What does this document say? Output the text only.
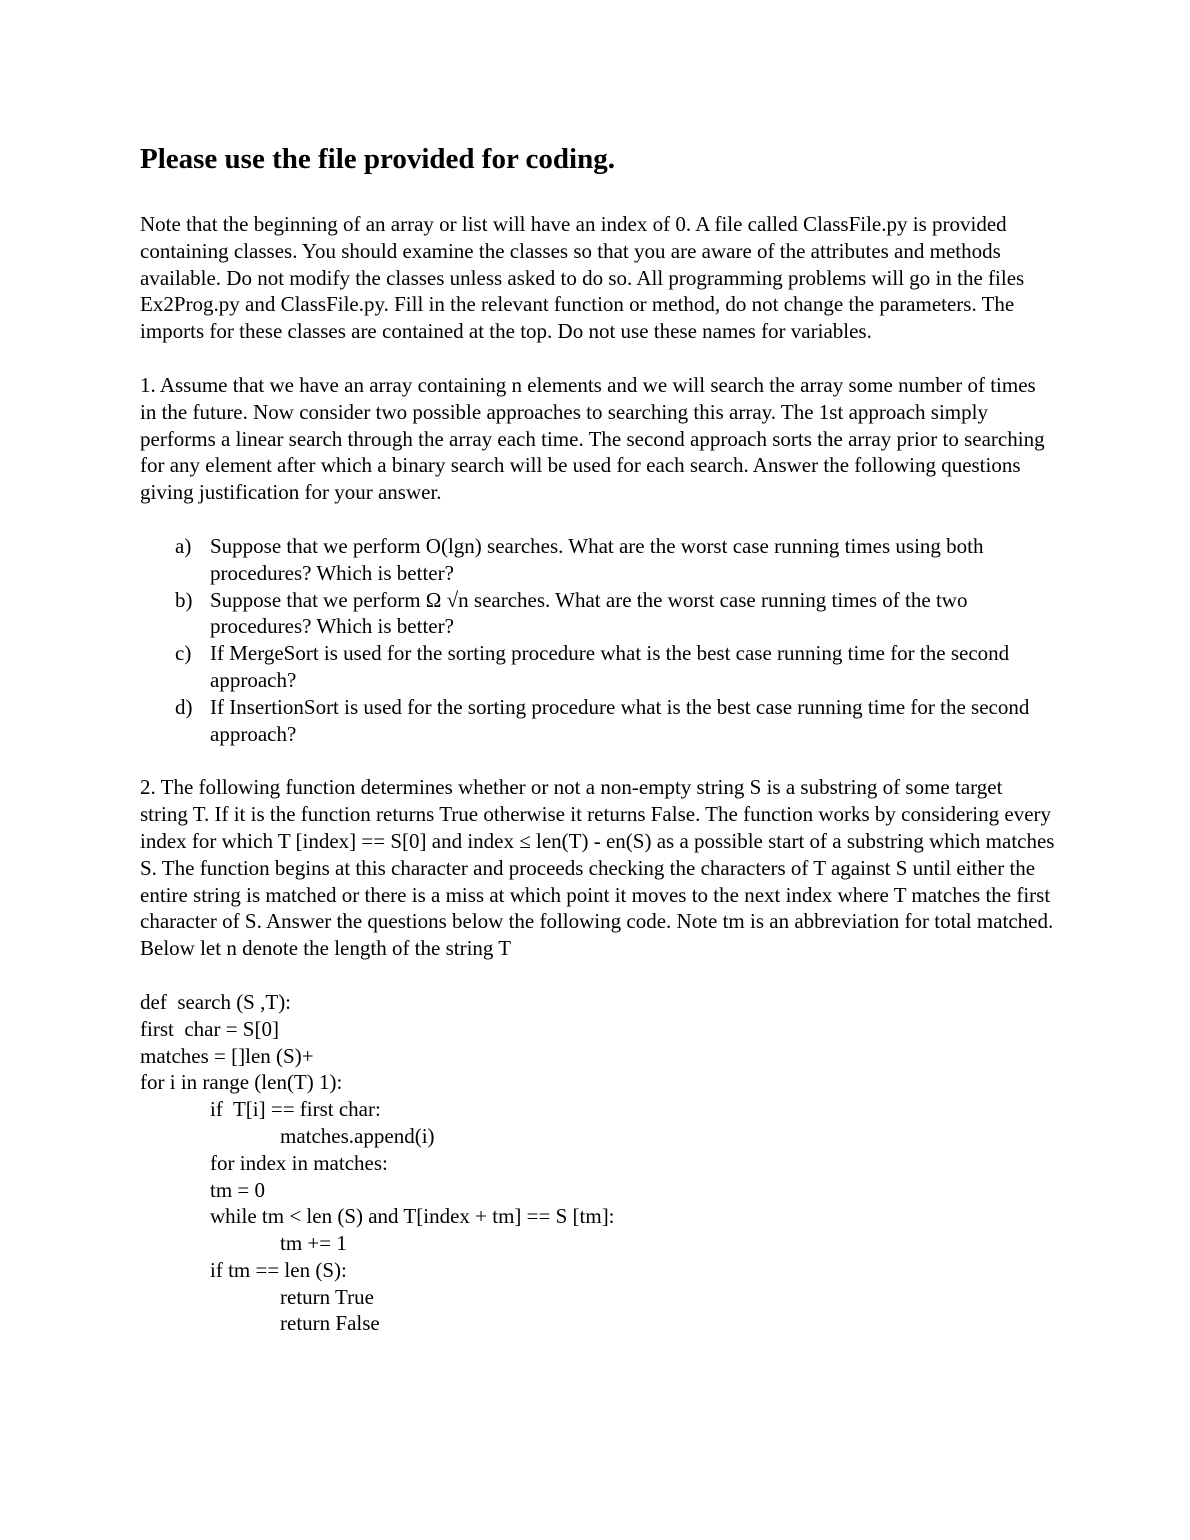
Please use the file provided for coding.

Note that the beginning of an array or list will have an index of 0. A file called ClassFile.py is provided containing classes. You should examine the classes so that you are aware of the attributes and methods available. Do not modify the classes unless asked to do so. All programming problems will go in the files Ex2Prog.py and ClassFile.py. Fill in the relevant function or method, do not change the parameters. The imports for these classes are contained at the top. Do not use these names for variables.

1. Assume that we have an array containing n elements and we will search the array some number of times in the future. Now consider two possible approaches to searching this array. The 1st approach simply performs a linear search through the array each time. The second approach sorts the array prior to searching for any element after which a binary search will be used for each search. Answer the following questions giving justification for your answer.

a) Suppose that we perform O(lgn) searches. What are the worst case running times using both procedures? Which is better?
b) Suppose that we perform Ω √n searches. What are the worst case running times of the two procedures? Which is better?
c) If MergeSort is used for the sorting procedure what is the best case running time for the second approach?
d) If InsertionSort is used for the sorting procedure what is the best case running time for the second approach?

2. The following function determines whether or not a non-empty string S is a substring of some target string T. If it is the function returns True otherwise it returns False. The function works by considering every index for which T [index] == S[0] and index ≤ len(T) - en(S) as a possible start of a substring which matches S. The function begins at this character and proceeds checking the characters of T against S until either the entire string is matched or there is a miss at which point it moves to the next index where T matches the first character of S. Answer the questions below the following code. Note tm is an abbreviation for total matched. Below let n denote the length of the string T

def  search (S ,T):
first  char = S[0]
matches = []len (S)+
for i in range (len(T) 1):
if  T[i] == first char:
matches.append(i)
for index in matches:
tm = 0
while tm < len (S) and T[index + tm] == S [tm]:
tm += 1
if tm == len (S):
return True
return False
